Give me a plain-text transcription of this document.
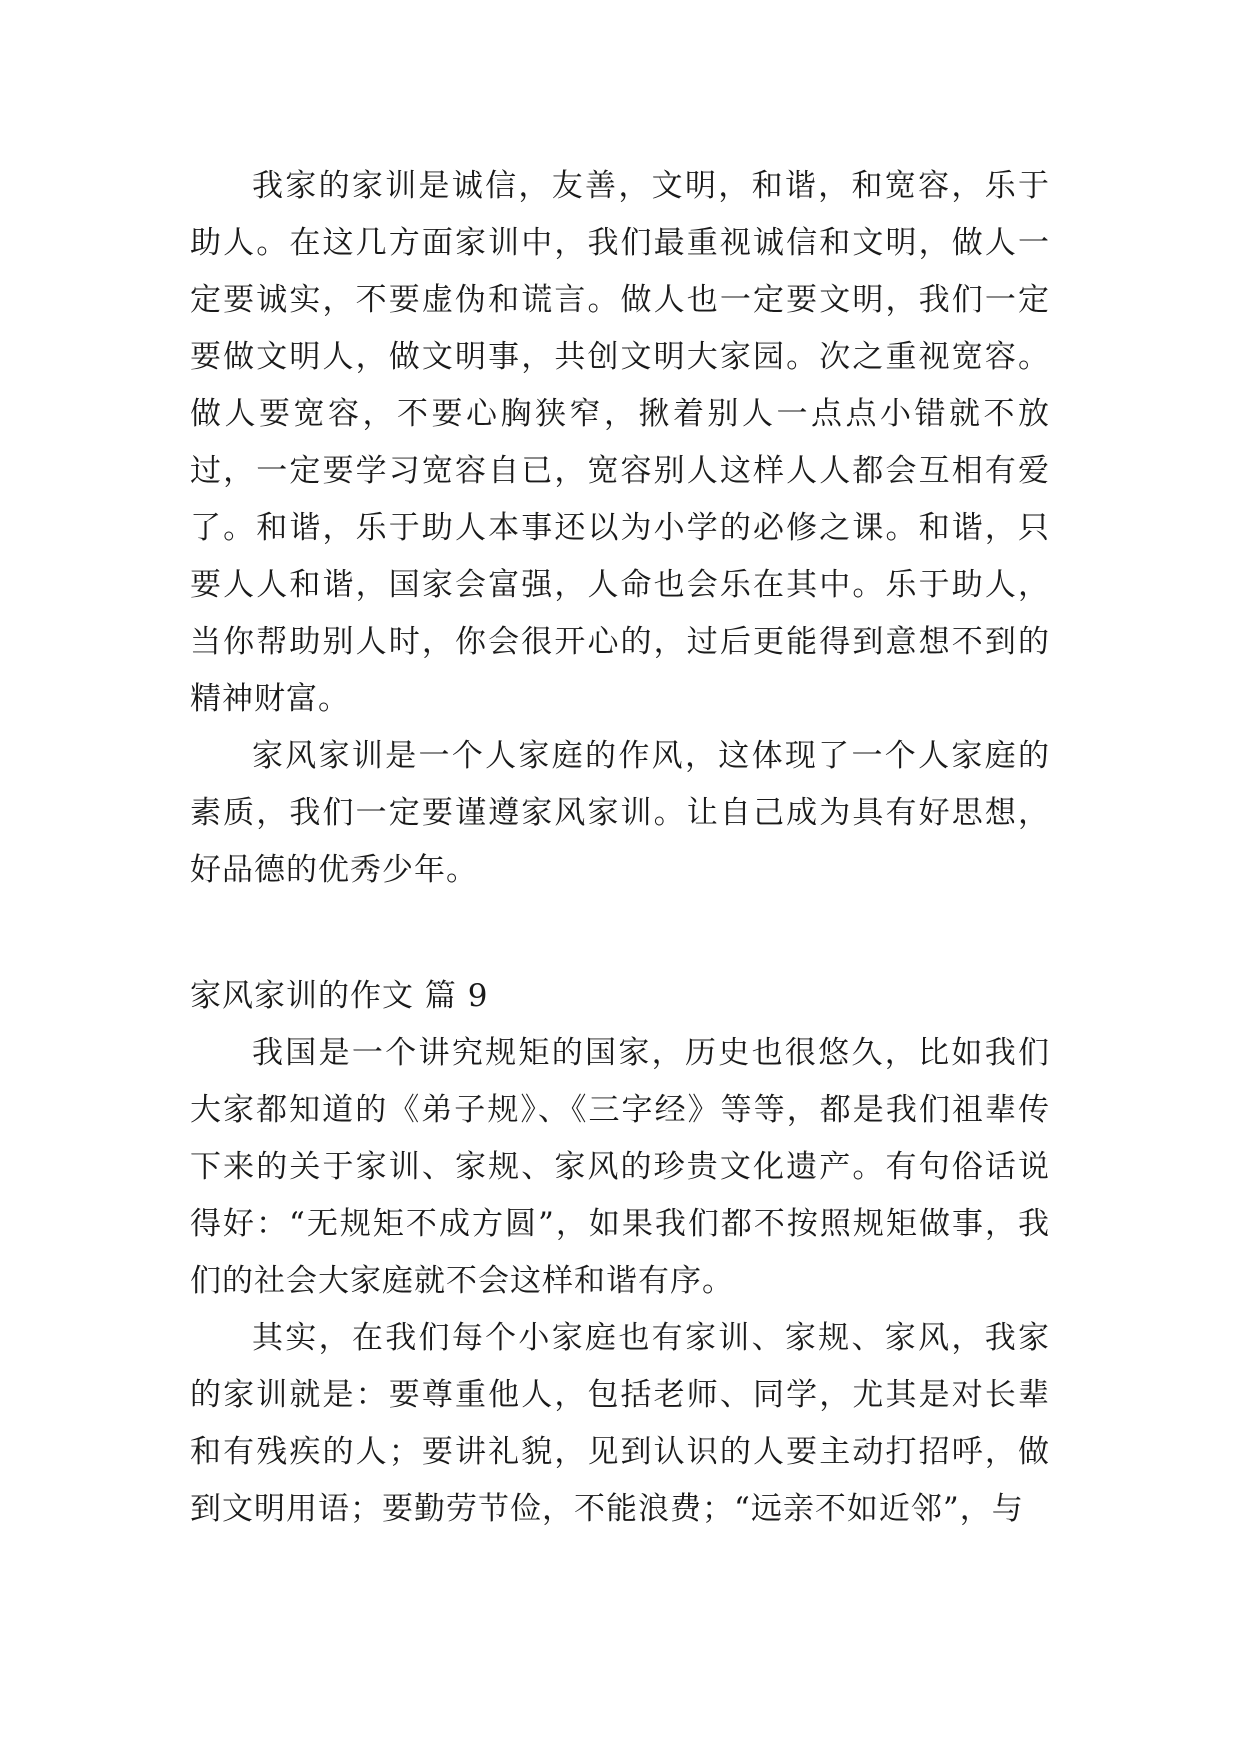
我家的家训是诚信，友善，文明，和谐，和宽容，乐于助人。在这几方面家训中，我们最重视诚信和文明，做人一定要诚实，不要虚伪和谎言。做人也一定要文明，我们一定要做文明人，做文明事，共创文明大家园。次之重视宽容。做人要宽容，不要心胸狭窄，揪着别人一点点小错就不放过，一定要学习宽容自已，宽容别人这样人人都会互相有爱了。和谐，乐于助人本事还以为小学的必修之课。和谐，只要人人和谐，国家会富强，人命也会乐在其中。乐于助人，当你帮助别人时，你会很开心的，过后更能得到意想不到的精神财富。

家风家训是一个人家庭的作风，这体现了一个人家庭的素质，我们一定要谨遵家风家训。让自己成为具有好思想，好品德的优秀少年。

家风家训的作文 篇 9

我国是一个讲究规矩的国家，历史也很悠久，比如我们大家都知道的《弟子规》、《三字经》等等，都是我们祖辈传下来的关于家训、家规、家风的珍贵文化遗产。有句俗话说得好：“无规矩不成方圆”，如果我们都不按照规矩做事，我们的社会大家庭就不会这样和谐有序。

其实，在我们每个小家庭也有家训、家规、家风，我家的家训就是：要尊重他人，包括老师、同学，尤其是对长辈和有残疾的人；要讲礼貌，见到认识的人要主动打招呼，做到文明用语；要勤劳节俭，不能浪费；“远亲不如近邻”，与
